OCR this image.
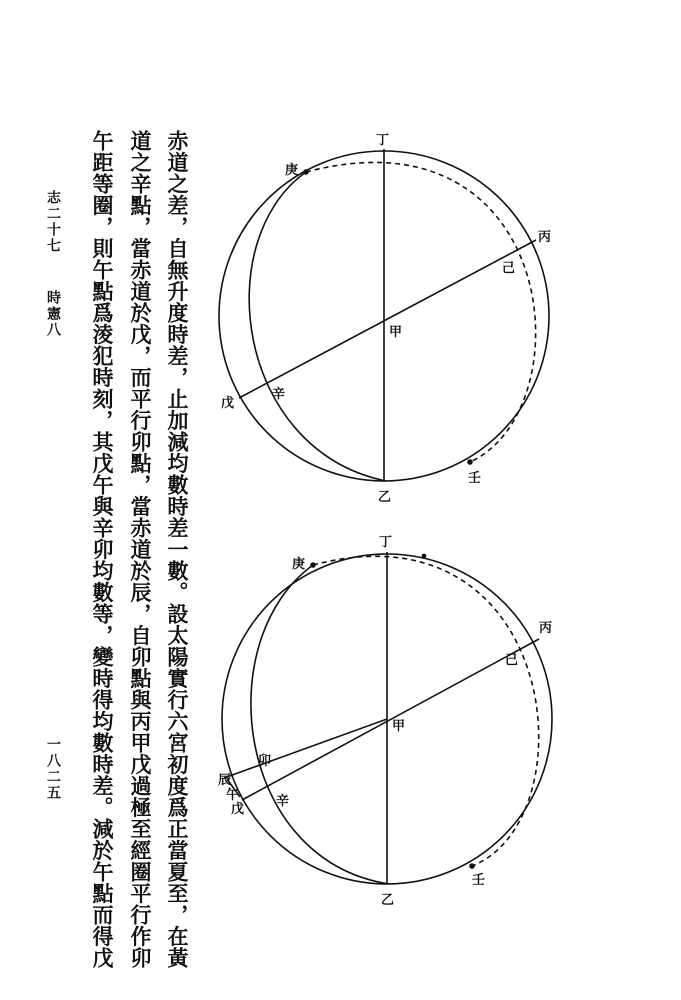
赤道之差，自無升度時差，止加減均數時差一數。設太陽實行六宮初度爲正當夏至，在黃
道之辛點，當赤道於戊，而平行卯點，當赤道於辰，自卯點與丙甲戊過極至經圈平行作卯
午距等圈，則午點爲淩犯時刻，其戊午與辛卯均數等，變時得均數時差。減於午點而得戊
志二十七
時憲八
一八二五
丁
乙
丙
己
甲
辛
戊
庚
壬
丁
乙
丙
己
甲
卯
辰
午
戊
辛
庚
壬
